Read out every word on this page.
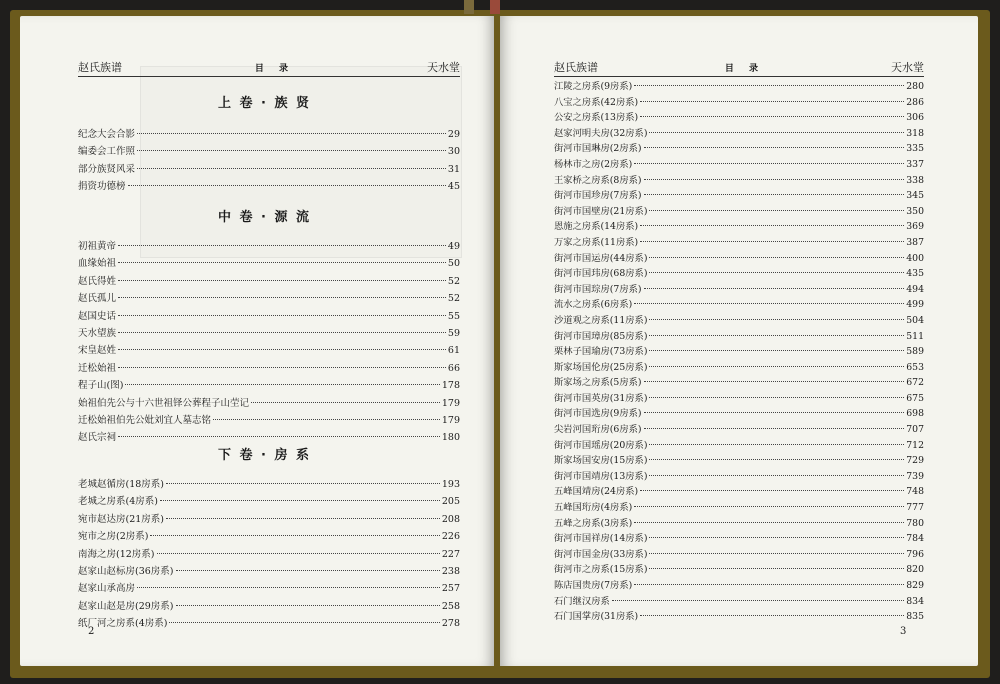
赵氏族谱	目 录	天水堂
上 卷 · 族 贤
纪念大会合影	29
编委会工作照	30
部分族贤风采	31
捐资功德榜	45
中 卷 · 源 流
初祖黄帝	49
血缘始祖	50
赵氏得姓	52
赵氏孤儿	52
赵国史话	55
天水望族	59
宋皇赵姓	61
迁松始祖	66
程子山(图)	178
始祖伯先公与十六世祖铎公葬程子山茔记	179
迁松始祖伯先公妣刘宜人墓志铭	179
赵氏宗祠	180
下 卷 · 房 系
老城赵循房(18房系)	193
老城之房系(4房系)	205
宛市赵达房(21房系)	208
宛市之房(2房系)	226
南海之房(12房系)	227
赵家山赵标房(36房系)	238
赵家山承高房	257
赵家山赵是房(29房系)	258
纸厂河之房系(4房系)	278
2
赵氏族谱	目 录	天水堂
江陵之房系(9房系)	280
八宝之房系(42房系)	286
公安之房系(13房系)	306
赵家河明夫房(32房系)	318
街河市国琳房(2房系)	335
杨林市之房(2房系)	337
王家桥之房系(8房系)	338
街河市国珍房(7房系)	345
街河市国壁房(21房系)	350
恩施之房系(14房系)	369
万家之房系(11房系)	387
街河市国运房(44房系)	400
街河市国玮房(68房系)	435
街河市国琮房(7房系)	494
流水之房系(6房系)	499
沙道观之房系(11房系)	504
街河市国璋房(85房系)	511
栗林子国瑜房(73房系)	589
斯家场国伦房(25房系)	653
斯家场之房系(5房系)	672
街河市国英房(31房系)	675
街河市国选房(9房系)	698
尖岩河国珩房(6房系)	707
街河市国瑶房(20房系)	712
斯家场国安房(15房系)	729
街河市国靖房(13房系)	739
五峰国靖房(24房系)	748
五峰国珩房(4房系)	777
五峰之房系(3房系)	780
街河市国祥房(14房系)	784
街河市国金房(33房系)	796
街河市之房系(15房系)	820
陈店国贵房(7房系)	829
石门继汉房系	834
石门国掌房(31房系)	835
3
